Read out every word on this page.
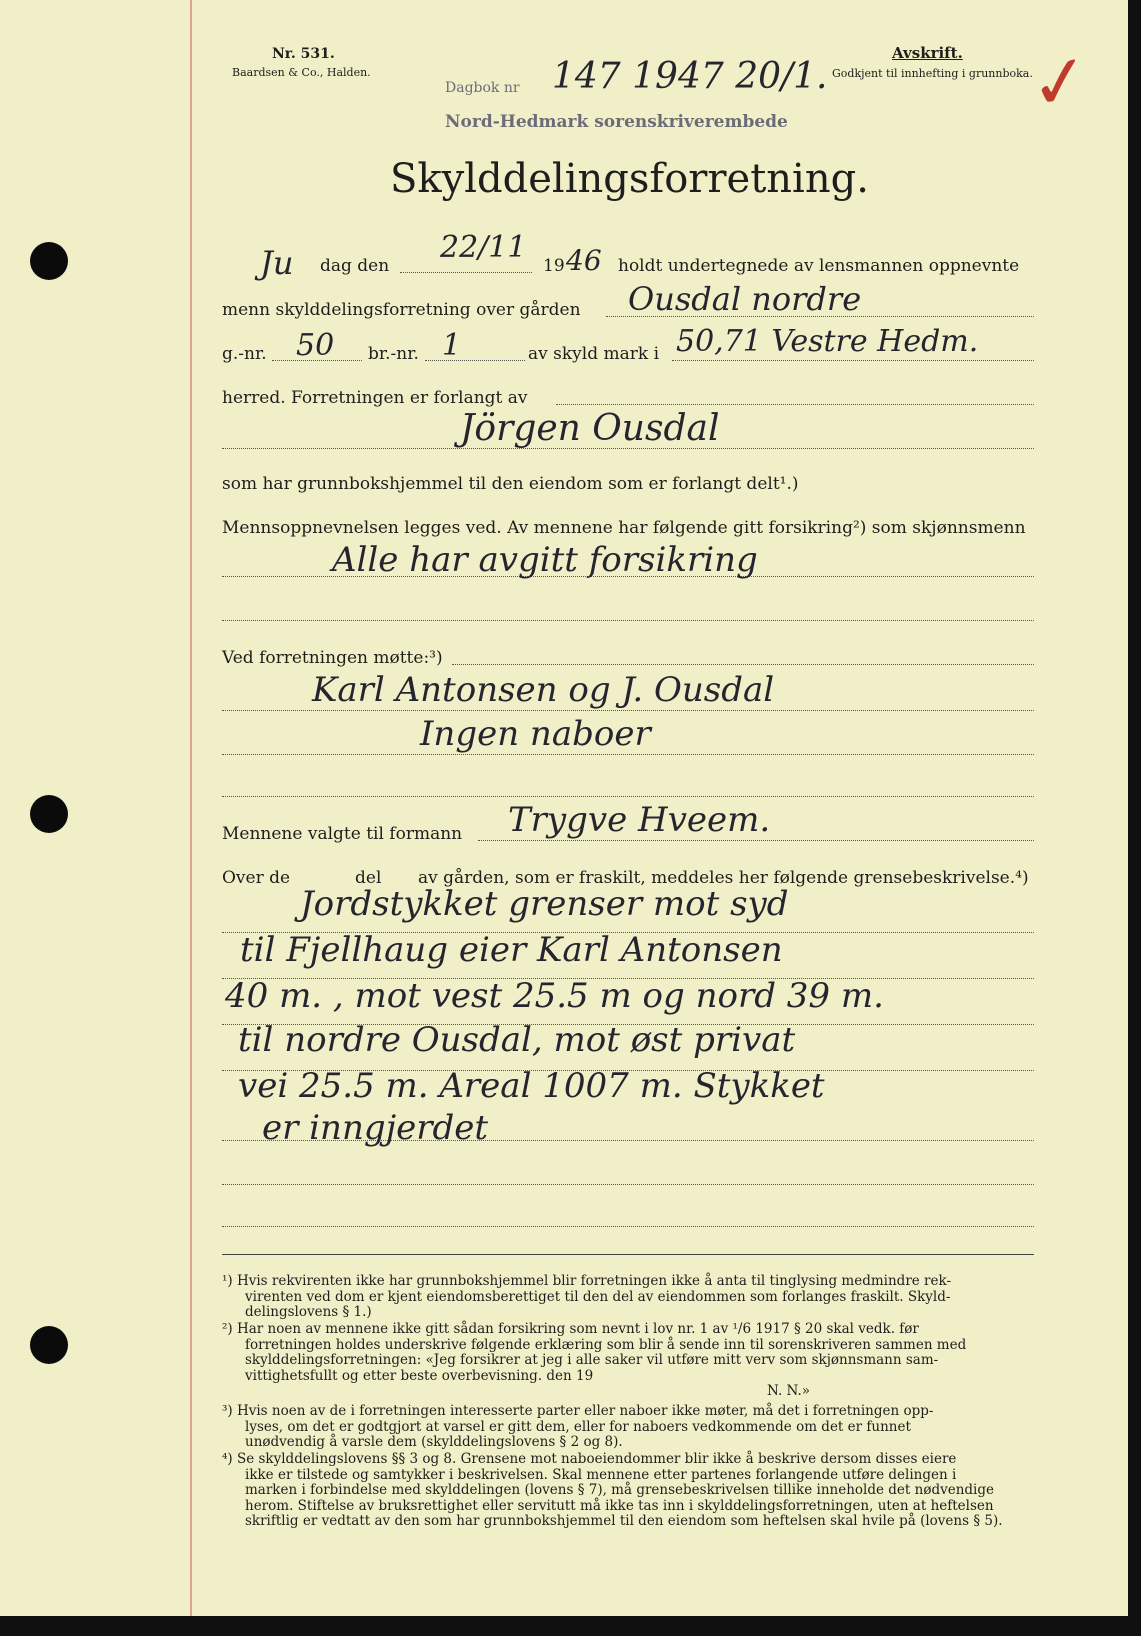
Nr. 531.
Baardsen & Co., Halden.
Dagbok nr 147 1947 20/1.
Nord-Hedmark sorenskriverembede
Avskrift.
Godkjent til innhefting i grunnboka.
✓
Skylddelingsforretning.
Ju dag den
22/11
19 46 holdt undertegnede av lensmannen oppnevnte
menn skylddelingsforretning over gården Ousdal nordre
g.-nr. 50 br.-nr. 1	av skyld mark i 50,71 Vestre Hedm.
herred. Forretningen er forlangt av
Jörgen Ousdal
som har grunnbokshjemmel til den eiendom som er forlangt delt¹.)
Mennsoppnevnelsen legges ved. Av mennene har følgende gitt forsikring²) som skjønnsmenn
Alle har avgitt forsikring
Ved forretningen møtte:³)
Karl Antonsen og J. Ousdal
Ingen naboer
Mennene valgte til formann Trygve Hveem.
Over de	del av gården, som er fraskilt, meddeles her følgende grensebeskrivelse.⁴)
Jordstykket grenser mot syd
til Fjellhaug eier Karl Antonsen
40 m. , mot vest 25.5 m og nord 39 m.
til nordre Ousdal, mot øst privat
vei 25.5 m. Areal 1007 m. Stykket
er inngjerdet
¹) Hvis rekvirenten ikke har grunnbokshjemmel blir forretningen ikke å anta til tinglysing medmindre rek-
virenten ved dom er kjent eiendomsberettiget til den del av eiendommen som forlanges fraskilt. Skyld-
delingslovens § 1.)
²) Har noen av mennene ikke gitt sådan forsikring som nevnt i lov nr. 1 av ¹/6 1917 § 20 skal vedk. før
forretningen holdes underskrive følgende erklæring som blir å sende inn til sorenskriveren sammen med
skylddelingsforretningen: «Jeg forsikrer at jeg i alle saker vil utføre mitt verv som skjønnsmann sam-
vittighetsfullt og etter beste overbevisning. den 19
N. N.»
³) Hvis noen av de i forretningen interesserte parter eller naboer ikke møter, må det i forretningen opp-
lyses, om det er godtgjort at varsel er gitt dem, eller for naboers vedkommende om det er funnet
unødvendig å varsle dem (skylddelingslovens § 2 og 8).
⁴) Se skylddelingslovens §§ 3 og 8. Grensene mot naboeiendommer blir ikke å beskrive dersom disses eiere
ikke er tilstede og samtykker i beskrivelsen. Skal mennene etter partenes forlangende utføre delingen i
marken i forbindelse med skylddelingen (lovens § 7), må grensebeskrivelsen tillike inneholde det nødvendige
herom. Stiftelse av bruksrettighet eller servitutt må ikke tas inn i skylddelingsforretningen, uten at heftelsen
skriftlig er vedtatt av den som har grunnbokshjemmel til den eiendom som heftelsen skal hvile på (lovens § 5).
